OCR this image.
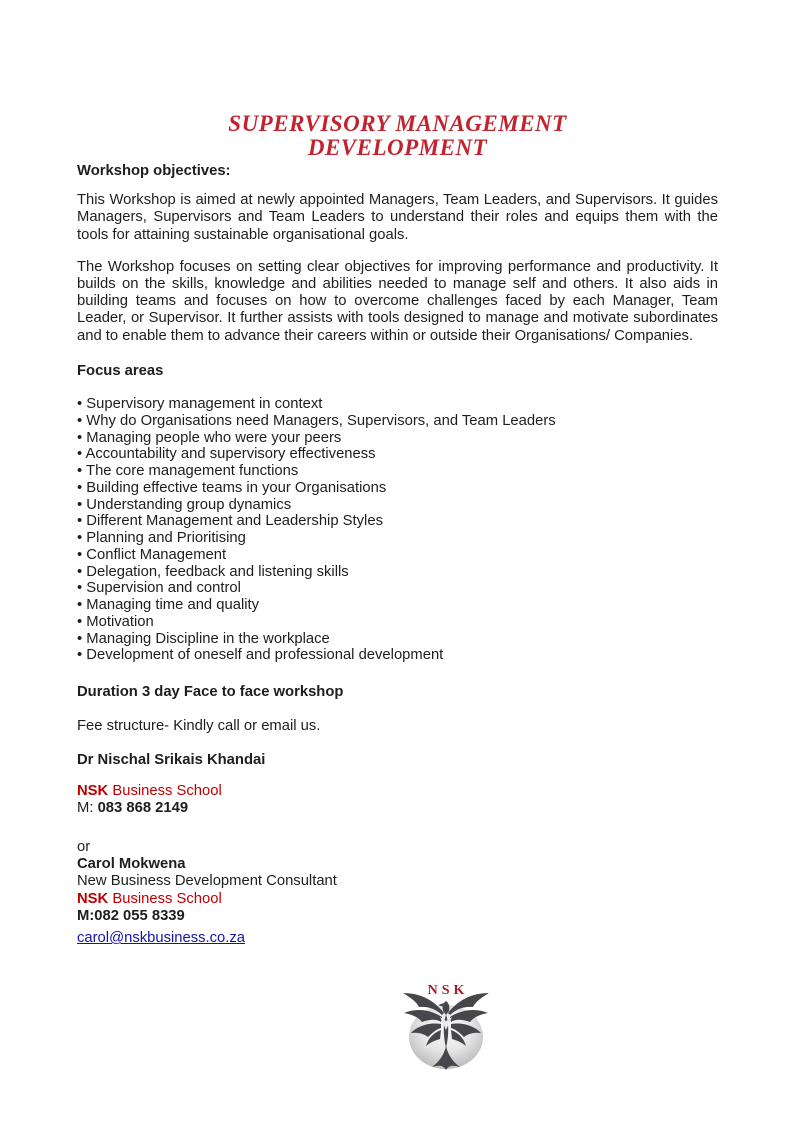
SUPERVISORY MANAGEMENT
DEVELOPMENT

Workshop objectives:

This Workshop is aimed at newly appointed Managers, Team Leaders, and Supervisors. It guides Managers, Supervisors and Team Leaders to understand their roles and equips them with the tools for attaining sustainable organisational goals.

The Workshop focuses on setting clear objectives for improving performance and productivity. It builds on the skills, knowledge and abilities needed to manage self and others. It also aids in building teams and focuses on how to overcome challenges faced by each Manager, Team Leader, or Supervisor. It further assists with tools designed to manage and motivate subordinates and to enable them to advance their careers within or outside their Organisations/ Companies.

Focus areas

• Supervisory management in context
• Why do Organisations need Managers, Supervisors, and Team Leaders
• Managing people who were your peers
• Accountability and supervisory effectiveness
• The core management functions
• Building effective teams in your Organisations
• Understanding group dynamics
• Different Management and Leadership Styles
• Planning and Prioritising
• Conflict Management
• Delegation, feedback and listening skills
• Supervision and control
• Managing time and quality
• Motivation
• Managing Discipline in the workplace
• Development of oneself and professional development

Duration 3 day Face to face workshop

Fee structure- Kindly call or email us.

Dr Nischal Srikais Khandai

NSK Business School

M: 083 868 2149

or

Carol Mokwena

New Business Development Consultant

NSK Business School

M:082 055 8339

carol@nskbusiness.co.za

NSK
